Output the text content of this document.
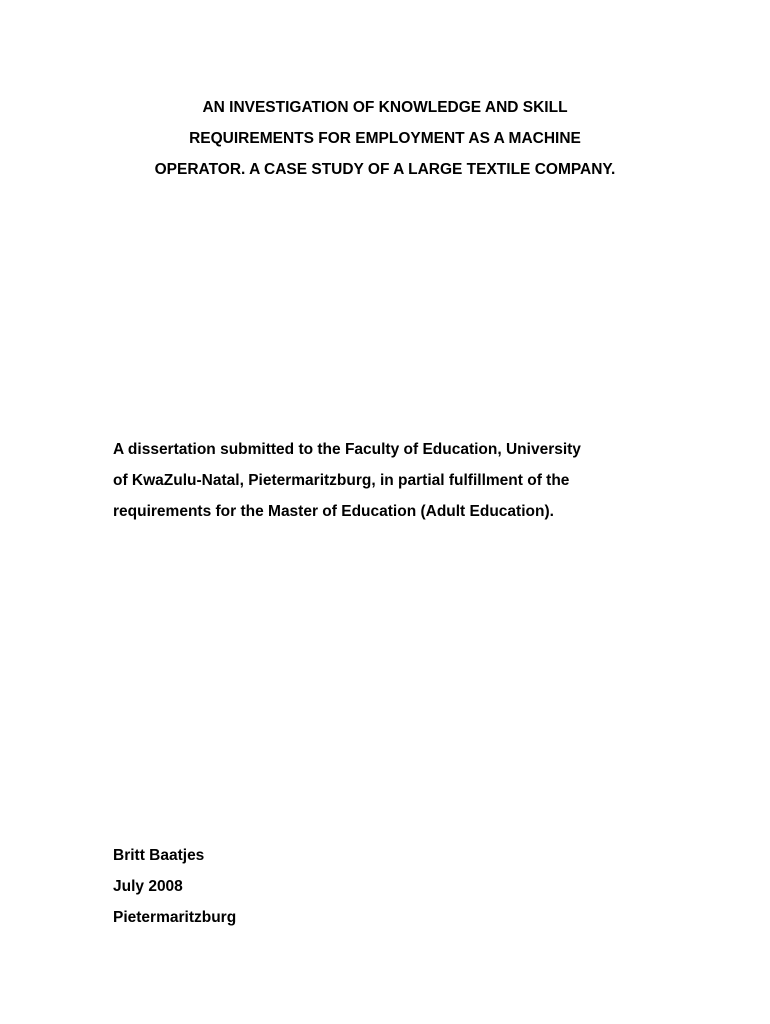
AN INVESTIGATION OF KNOWLEDGE AND SKILL
REQUIREMENTS FOR EMPLOYMENT AS A MACHINE
OPERATOR. A CASE STUDY OF A LARGE TEXTILE COMPANY.
A dissertation submitted to the Faculty of Education, University
of KwaZulu-Natal, Pietermaritzburg, in partial fulfillment of the
requirements for the Master of Education (Adult Education).
Britt Baatjes
July 2008
Pietermaritzburg
